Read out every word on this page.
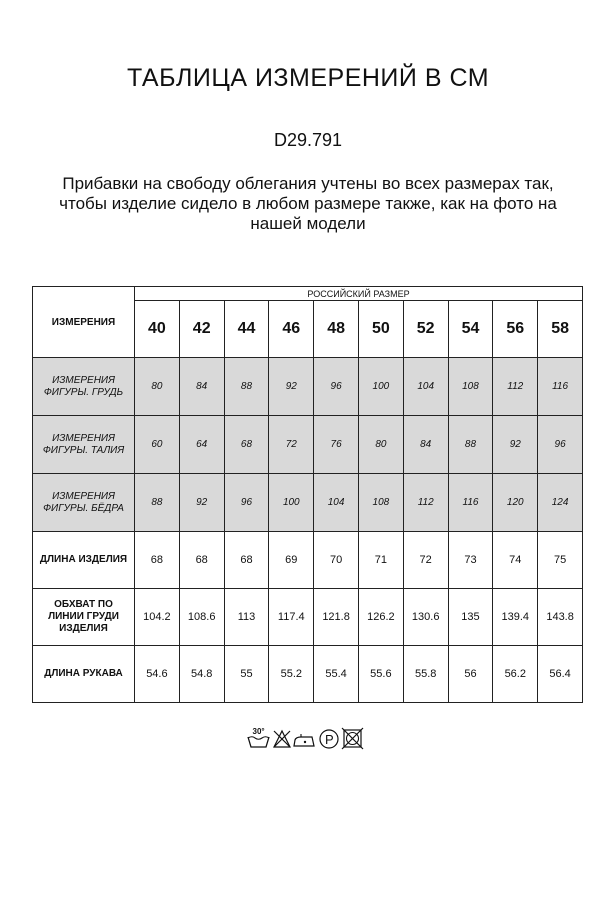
ТАБЛИЦА ИЗМЕРЕНИЙ В СМ
D29.791
Прибавки на свободу облегания учтены во всех размерах так,
чтобы изделие сидело в любом размере также, как на фото на
нашей модели
ИЗМЕРЕНИЯ	РОССИЙСКИЙ РАЗМЕР									
	40	42	44	46	48	50	52	54	56	58

ИЗМЕРЕНИЯ
ФИГУРЫ. ГРУДЬ	80	84	88	92	96	100	104	108	112	116

ИЗМЕРЕНИЯ
ФИГУРЫ. ТАЛИЯ	60	64	68	72	76	80	84	88	92	96

ИЗМЕРЕНИЯ
ФИГУРЫ. БЁДРА	88	92	96	100	104	108	112	116	120	124

ДЛИНА ИЗДЕЛИЯ	68	68	68	69	70	71	72	73	74	75

ОБХВАТ ПО
ЛИНИИ ГРУДИ
ИЗДЕЛИЯ	104.2	108.6	113	117.4	121.8	126.2	130.6	135	139.4	143.8

ДЛИНА РУКАВА	54.6	54.8	55	55.2	55.4	55.6	55.8	56	56.2	56.4
30°
P
